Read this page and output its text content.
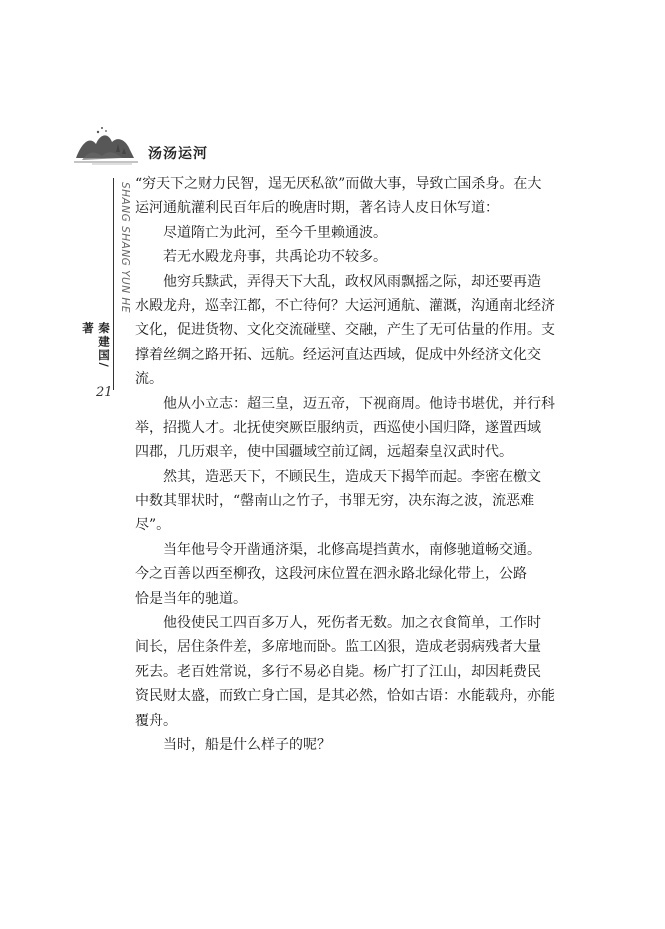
汤汤运河
SHANG SHANG YUN HE
秦建国/著
21
“穷天下之财力民智，逞无厌私欲”而做大事，导致亡国杀身。在大
运河通航灌利民百年后的晚唐时期，著名诗人皮日休写道：
尽道隋亡为此河，至今千里赖通波。
若无水殿龙舟事，共禹论功不较多。
他穷兵黩武，弄得天下大乱，政权风雨飘摇之际，却还要再造
水殿龙舟，巡幸江都，不亡待何？大运河通航、灌溉，沟通南北经济
文化，促进货物、文化交流碰壁、交融，产生了无可估量的作用。支
撑着丝绸之路开拓、远航。经运河直达西域，促成中外经济文化交
流。
他从小立志：超三皇，迈五帝，下视商周。他诗书堪优，并行科
举，招揽人才。北抚使突厥臣服纳贡，西巡使小国归降，遂置西域
四郡，几历艰辛，使中国疆域空前辽阔，远超秦皇汉武时代。
然其，造恶天下，不顾民生，造成天下揭竿而起。李密在檄文
中数其罪状时，“罄南山之竹子，书罪无穷，决东海之波，流恶难
尽”。
当年他号令开凿通济渠，北修高堤挡黄水，南修驰道畅交通。
今之百善以西至柳孜，这段河床位置在泗永路北绿化带上，公路
恰是当年的驰道。
他役使民工四百多万人，死伤者无数。加之衣食简单，工作时
间长，居住条件差，多席地而卧。监工凶狠，造成老弱病残者大量
死去。老百姓常说，多行不易必自毙。杨广打了江山，却因耗费民
资民财太盛，而致亡身亡国，是其必然，恰如古语：水能载舟，亦能
覆舟。
当时，船是什么样子的呢？
